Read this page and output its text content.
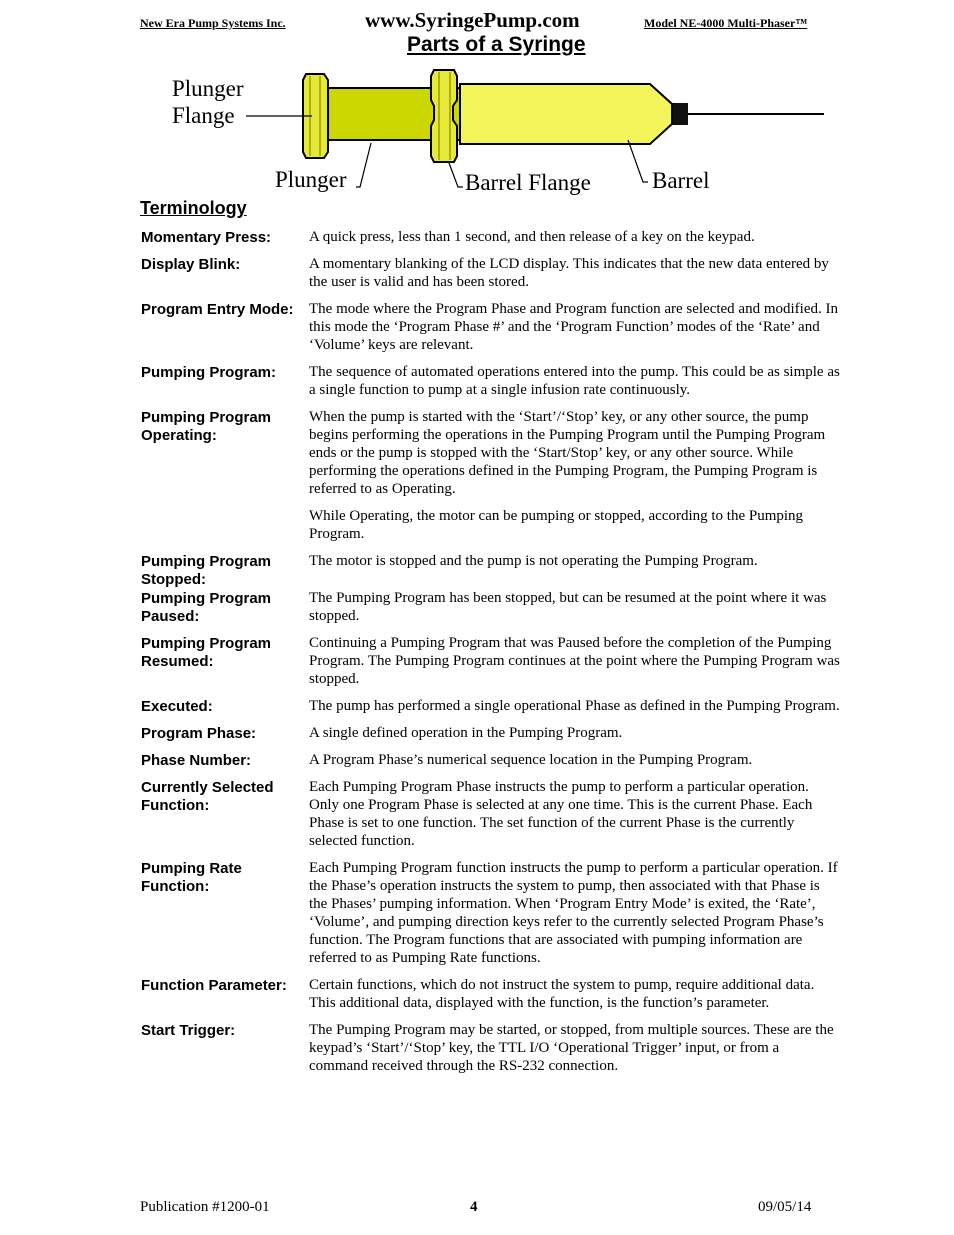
New Era Pump Systems Inc.	www.SyringePump.com	Model NE-4000 Multi-Phaser™
Parts of a Syringe
Plunger
Flange
Plunger	Barrel Flange	Barrel
Terminology
Momentary Press:	A quick press, less than 1 second, and then release of a key on the keypad.

Display Blink:	A momentary blanking of the LCD display. This indicates that the new data entered by the user is valid and has been stored.

Program Entry Mode:	The mode where the Program Phase and Program function are selected and modified. In this mode the ‘Program Phase #’ and the ‘Program Function’ modes of the ‘Rate’ and ‘Volume’ keys are relevant.

Pumping Program:	The sequence of automated operations entered into the pump. This could be as simple as a single function to pump at a single infusion rate continuously.

Pumping Program Operating:

When the pump is started with the ‘Start’/‘Stop’ key, or any other source, the pump begins performing the operations in the Pumping Program until the Pumping Program ends or the pump is stopped with the ‘Start/Stop’ key, or any other source. While performing the operations defined in the Pumping Program, the Pumping Program is referred to as Operating.

While Operating, the motor can be pumping or stopped, according to the Pumping Program.

Pumping Program Stopped:

The motor is stopped and the pump is not operating the Pumping Program.

Pumping Program Paused:

The Pumping Program has been stopped, but can be resumed at the point where it was stopped.

Pumping Program Resumed:

Continuing a Pumping Program that was Paused before the completion of the Pumping Program. The Pumping Program continues at the point where the Pumping Program was stopped.

Executed:	The pump has performed a single operational Phase as defined in the Pumping Program.

Program Phase:	A single defined operation in the Pumping Program.

Phase Number:	A Program Phase’s numerical sequence location in the Pumping Program.

Currently Selected Function:

Each Pumping Program Phase instructs the pump to perform a particular operation. Only one Program Phase is selected at any one time. This is the current Phase. Each Phase is set to one function. The set function of the current Phase is the currently selected function.

Pumping Rate Function:

Each Pumping Program function instructs the pump to perform a particular operation. If the Phase’s operation instructs the system to pump, then associated with that Phase is the Phases’ pumping information. When ‘Program Entry Mode’ is exited, the ‘Rate’, ‘Volume’, and pumping direction keys refer to the currently selected Program Phase’s function. The Program functions that are associated with pumping information are referred to as Pumping Rate functions.

Function Parameter:	Certain functions, which do not instruct the system to pump, require additional data. This additional data, displayed with the function, is the function’s parameter.

Start Trigger:	The Pumping Program may be started, or stopped, from multiple sources. These are the keypad’s ‘Start’/‘Stop’ key, the TTL I/O ‘Operational Trigger’ input, or from a command received through the RS-232 connection.

Publication #1200-01	4	09/05/14
